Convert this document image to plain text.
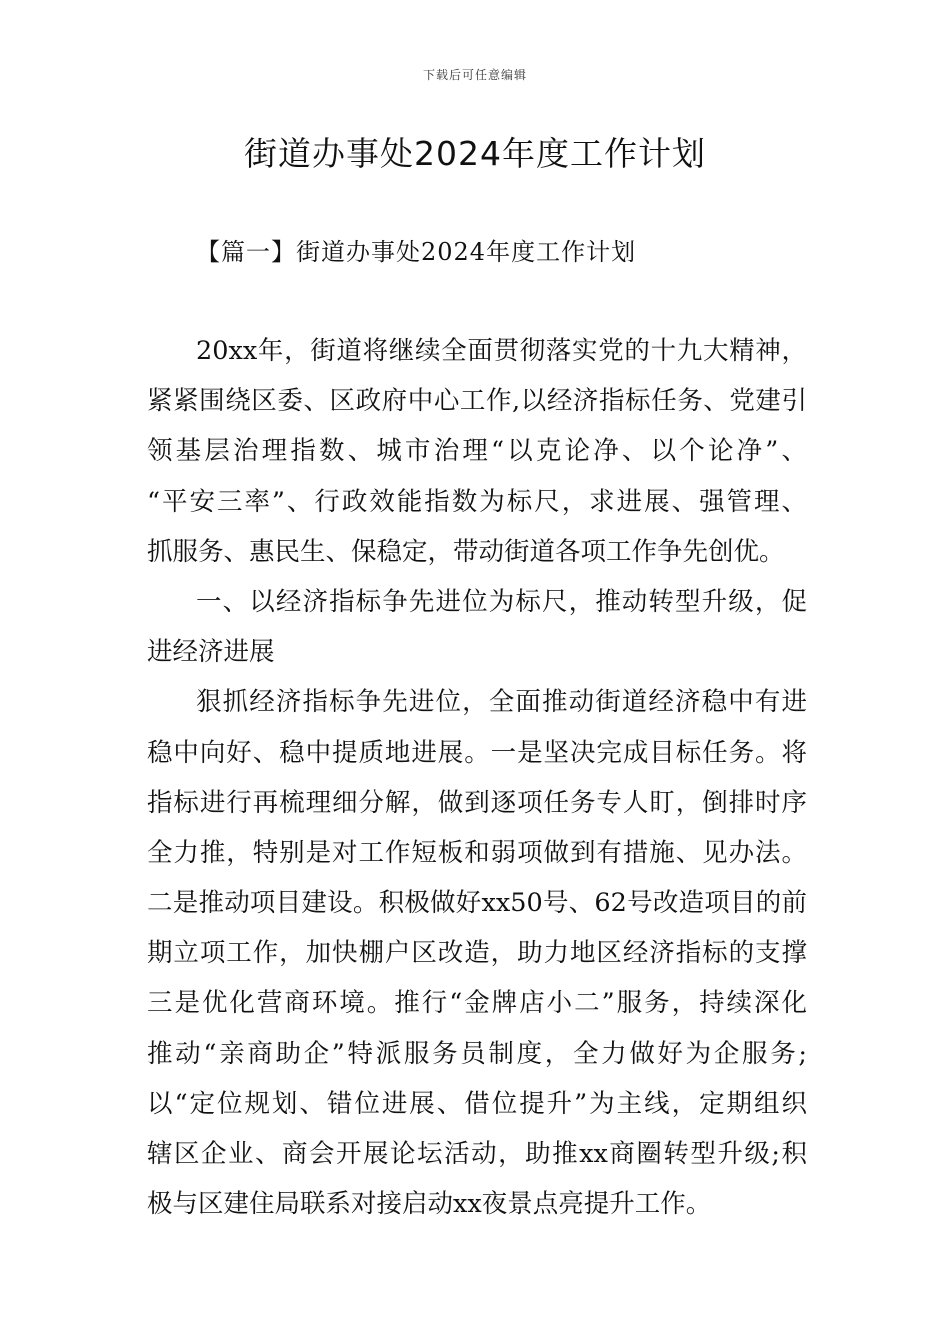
下载后可任意编辑
街道办事处2024年度工作计划
【篇一】街道办事处2024年度工作计划
20xx年，街道将继续全面贯彻落实党的十九大精神，
紧紧围绕区委、区政府中心工作,以经济指标任务、党建引
领基层治理指数、城市治理“以克论净、以个论净”、
“平安三率”、行政效能指数为标尺，求进展、强管理、
抓服务、惠民生、保稳定，带动街道各项工作争先创优。
一、以经济指标争先进位为标尺，推动转型升级，促
进经济进展
狠抓经济指标争先进位，全面推动街道经济稳中有进
稳中向好、稳中提质地进展。一是坚决完成目标任务。将
指标进行再梳理细分解，做到逐项任务专人盯，倒排时序
全力推，特别是对工作短板和弱项做到有措施、见办法。
二是推动项目建设。积极做好xx50号、62号改造项目的前
期立项工作，加快棚户区改造，助力地区经济指标的支撑
三是优化营商环境。推行“金牌店小二”服务，持续深化
推动“亲商助企”特派服务员制度，全力做好为企服务;
以“定位规划、错位进展、借位提升”为主线，定期组织
辖区企业、商会开展论坛活动，助推xx商圈转型升级;积
极与区建住局联系对接启动xx夜景点亮提升工作。
